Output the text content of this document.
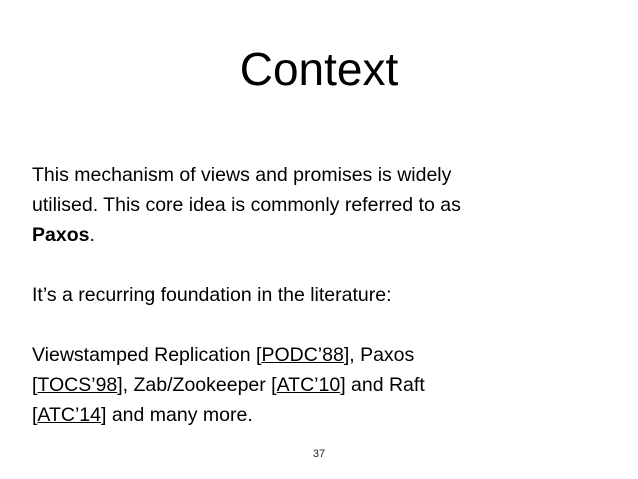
Context

This mechanism of views and promises is widely
utilised. This core idea is commonly referred to as
Paxos.

It’s a recurring foundation in the literature:

Viewstamped Replication [PODC’88], Paxos
[TOCS’98], Zab/Zookeeper [ATC’10] and Raft
[ATC’14] and many more.

37
